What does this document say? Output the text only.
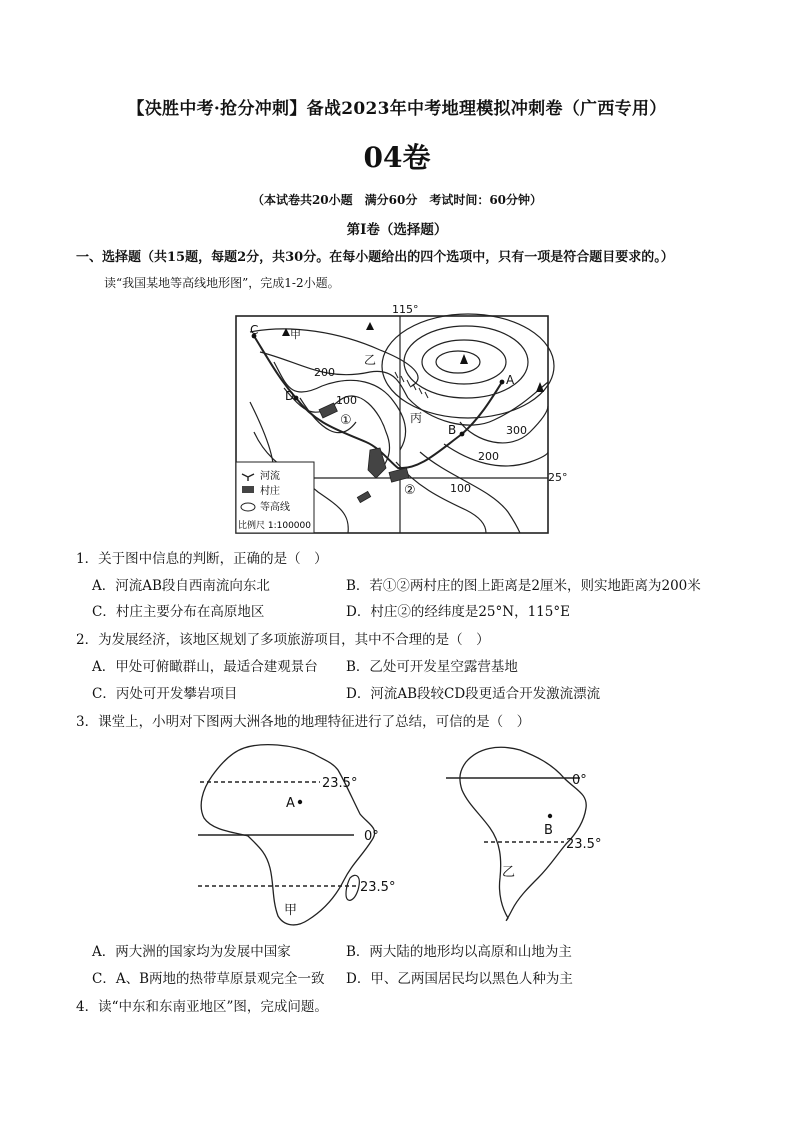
【决胜中考·抢分冲刺】备战2023年中考地理模拟冲刺卷（广西专用）
04卷
（本试卷共20小题　满分60分　考试时间：60分钟）
第Ⅰ卷（选择题）
一、选择题（共15题，每题2分，共30分。在每小题给出的四个选项中，只有一项是符合题目要求的。）
读“我国某地等高线地形图”，完成1-2小题。
115°
25°
C	甲
乙
丙
D
A
B
①
②
100
100
200
200
300
河流
村庄
等高线
比例尺 1:100000
1．关于图中信息的判断，正确的是（　）
A．河流AB段自西南流向东北	B．若①②两村庄的图上距离是2厘米，则实地距离为200米
C．村庄主要分布在高原地区	D．村庄②的经纬度是25°N，115°E
2．为发展经济，该地区规划了多项旅游项目，其中不合理的是（　）
A．甲处可俯瞰群山，最适合建观景台 B．乙处可开发星空露营基地
C．丙处可开发攀岩项目	D．河流AB段较CD段更适合开发激流漂流
3．课堂上，小明对下图两大洲各地的地理特征进行了总结，可信的是（　）
23.5°
0°
23.5°
A
甲
0°
23.5°
B
乙
A．两大洲的国家均为发展中国家	B．两大陆的地形均以高原和山地为主
C．A、B两地的热带草原景观完全一致 D．甲、乙两国居民均以黑色人种为主
4．读“中东和东南亚地区”图，完成问题。
